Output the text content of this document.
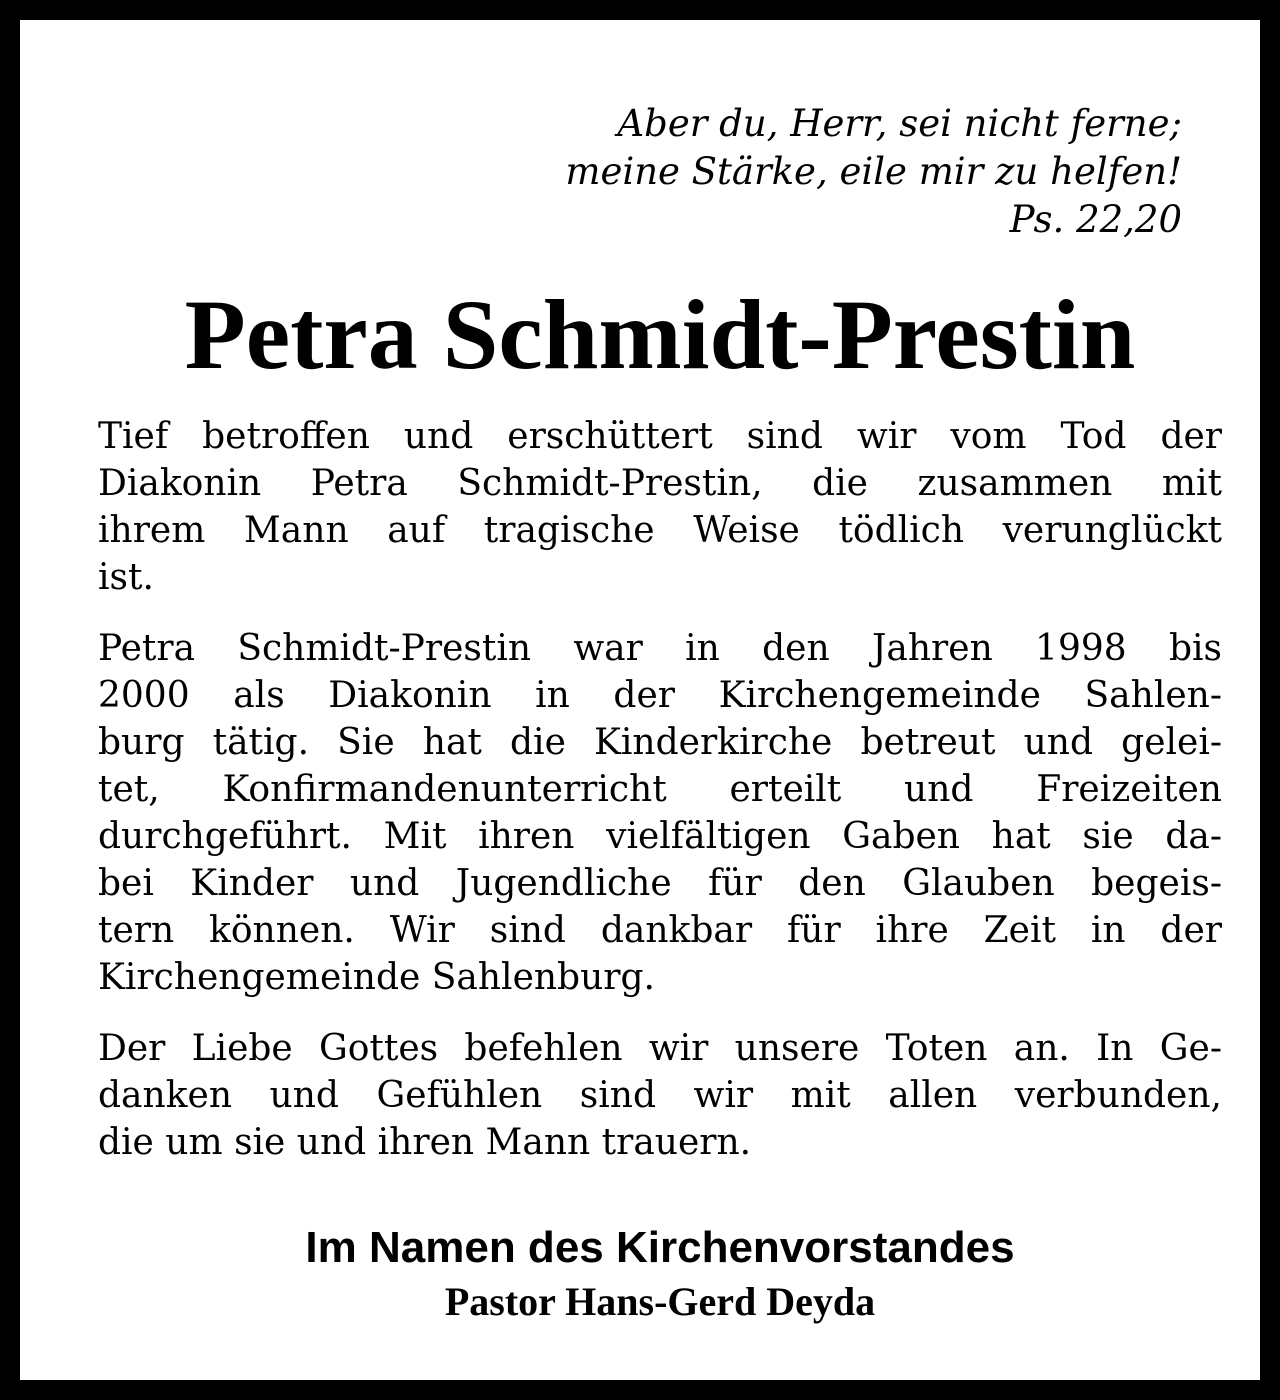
Aber du, Herr, sei nicht ferne;
meine Stärke, eile mir zu helfen!
Ps. 22,20
Petra Schmidt-Prestin
Tief betroffen und erschüttert sind wir vom Tod der
Diakonin Petra Schmidt-Prestin, die zusammen mit
ihrem Mann auf tragische Weise tödlich verunglückt
ist.
Petra Schmidt-Prestin war in den Jahren 1998 bis
2000 als Diakonin in der Kirchengemeinde Sahlen-
burg tätig. Sie hat die Kinderkirche betreut und gelei-
tet, Konfirmandenunterricht erteilt und Freizeiten
durchgeführt. Mit ihren vielfältigen Gaben hat sie da-
bei Kinder und Jugendliche für den Glauben begeis-
tern können. Wir sind dankbar für ihre Zeit in der
Kirchengemeinde Sahlenburg.
Der Liebe Gottes befehlen wir unsere Toten an. In Ge-
danken und Gefühlen sind wir mit allen verbunden,
die um sie und ihren Mann trauern.
Im Namen des Kirchenvorstandes
Pastor Hans-Gerd Deyda
